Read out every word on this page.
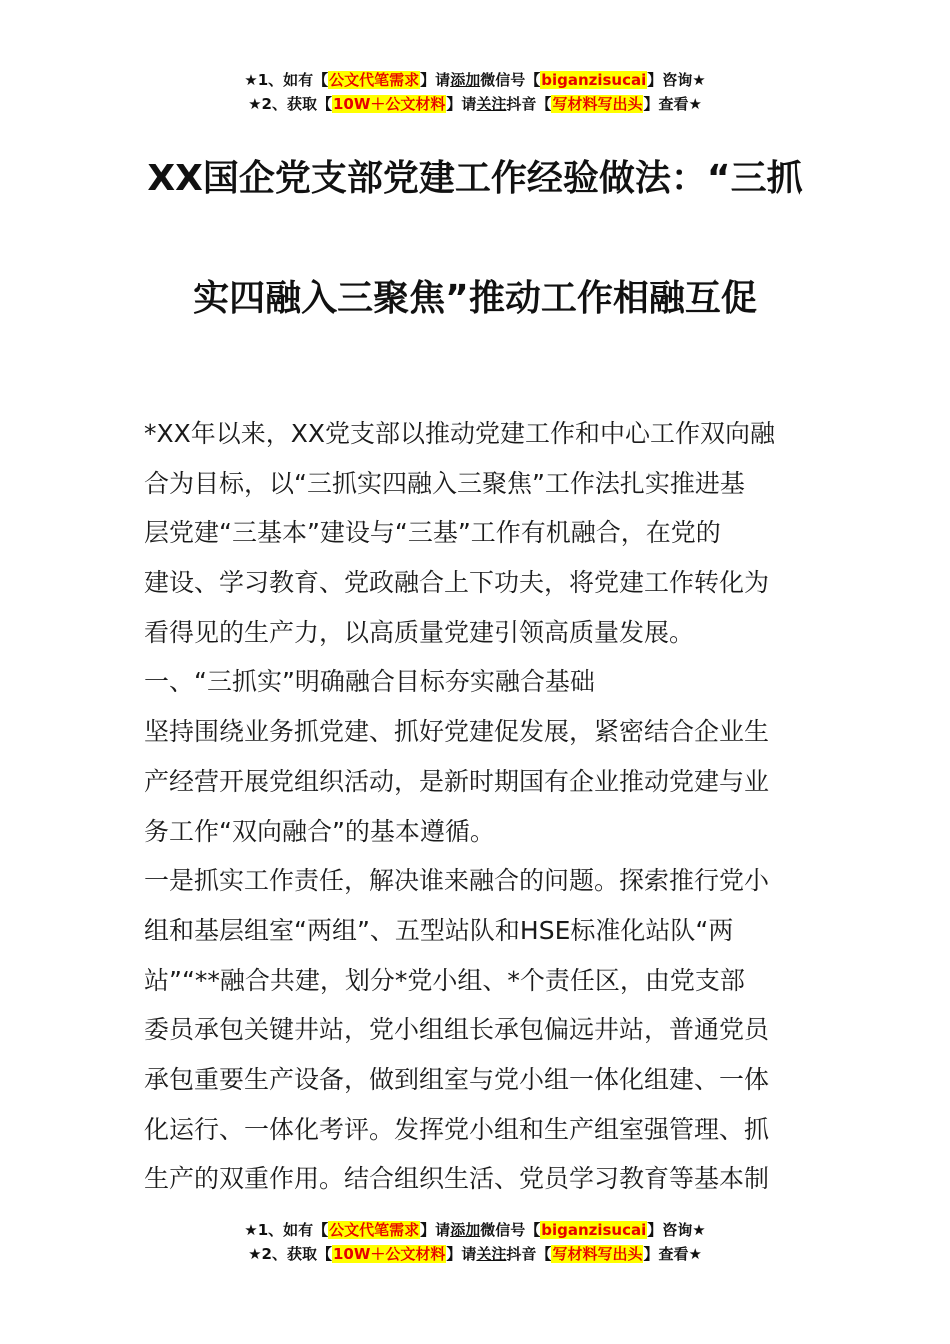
★1、如有【公文代笔需求】请添加微信号【biganzisucai】咨询★
★2、获取【10W＋公文材料】请关注抖音【写材料写出头】查看★
XX国企党支部党建工作经验做法：“三抓
实四融入三聚焦”推动工作相融互促
*XX年以来，XX党支部以推动党建工作和中心工作双向融
合为目标，以“三抓实四融入三聚焦”工作法扎实推进基
层党建“三基本”建设与“三基”工作有机融合，在党的
建设、学习教育、党政融合上下功夫，将党建工作转化为
看得见的生产力，以高质量党建引领高质量发展。
一、“三抓实”明确融合目标夯实融合基础
坚持围绕业务抓党建、抓好党建促发展，紧密结合企业生
产经营开展党组织活动，是新时期国有企业推动党建与业
务工作“双向融合”的基本遵循。
一是抓实工作责任，解决谁来融合的问题。探索推行党小
组和基层组室“两组”、五型站队和HSE标准化站队“两
站”“**融合共建，划分*党小组、*个责任区，由党支部
委员承包关键井站，党小组组长承包偏远井站，普通党员
承包重要生产设备，做到组室与党小组一体化组建、一体
化运行、一体化考评。发挥党小组和生产组室强管理、抓
生产的双重作用。结合组织生活、党员学习教育等基本制
★1、如有【公文代笔需求】请添加微信号【biganzisucai】咨询★
★2、获取【10W＋公文材料】请关注抖音【写材料写出头】查看★
